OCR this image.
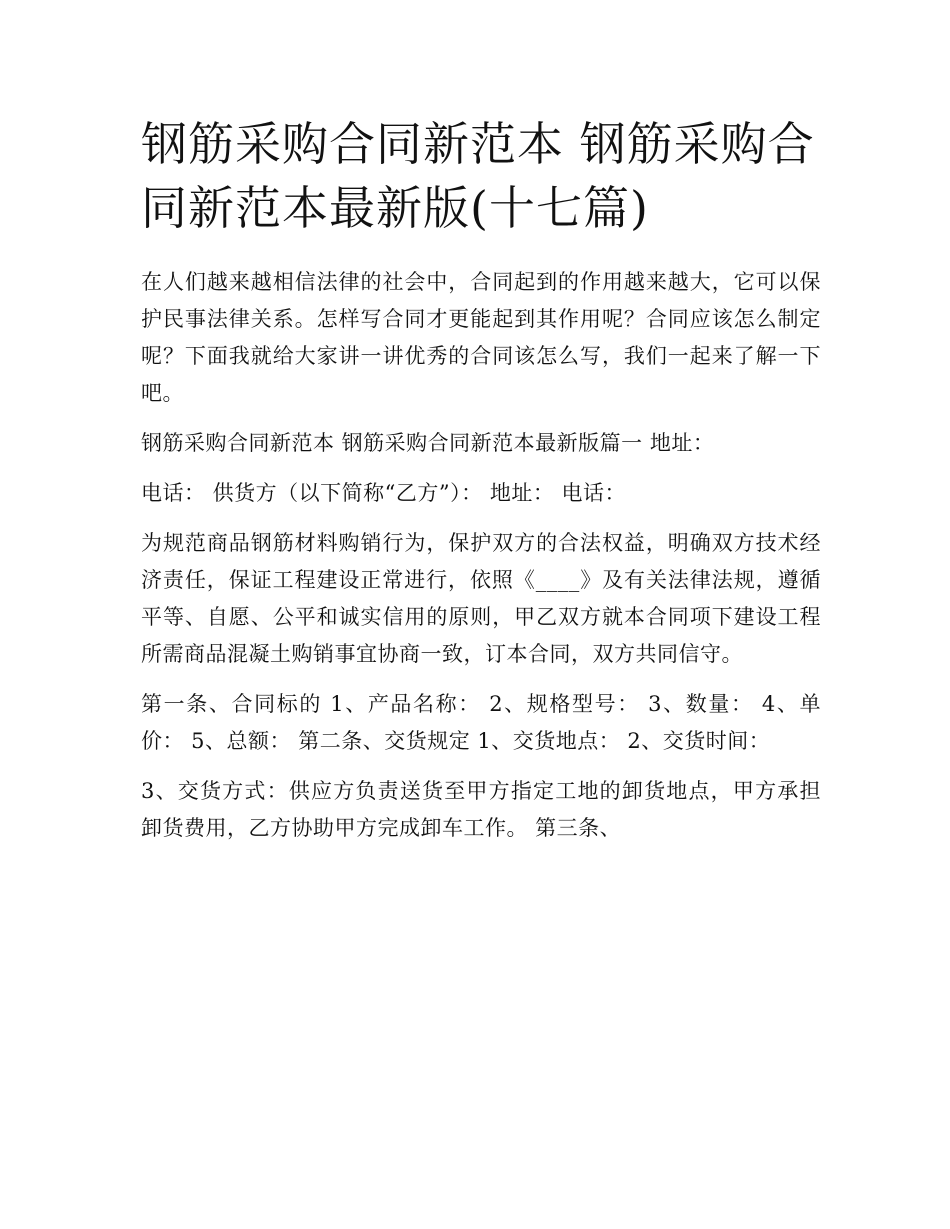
钢筋采购合同新范本 钢筋采购合同新范本最新版(十七篇)

在人们越来越相信法律的社会中，合同起到的作用越来越大，它可以保护民事法律关系。怎样写合同才更能起到其作用呢？合同应该怎么制定呢？下面我就给大家讲一讲优秀的合同该怎么写，我们一起来了解一下吧。

钢筋采购合同新范本 钢筋采购合同新范本最新版篇一 地址：

电话： 供货方（以下简称“乙方”）： 地址： 电话：

为规范商品钢筋材料购销行为，保护双方的合法权益，明确双方技术经济责任，保证工程建设正常进行，依照《____》及有关法律法规，遵循平等、自愿、公平和诚实信用的原则，甲乙双方就本合同项下建设工程所需商品混凝土购销事宜协商一致，订本合同，双方共同信守。

第一条、合同标的 1、产品名称： 2、规格型号： 3、数量： 4、单价： 5、总额： 第二条、交货规定 1、交货地点： 2、交货时间：

3、交货方式：供应方负责送货至甲方指定工地的卸货地点，甲方承担卸货费用，乙方协助甲方完成卸车工作。 第三条、
